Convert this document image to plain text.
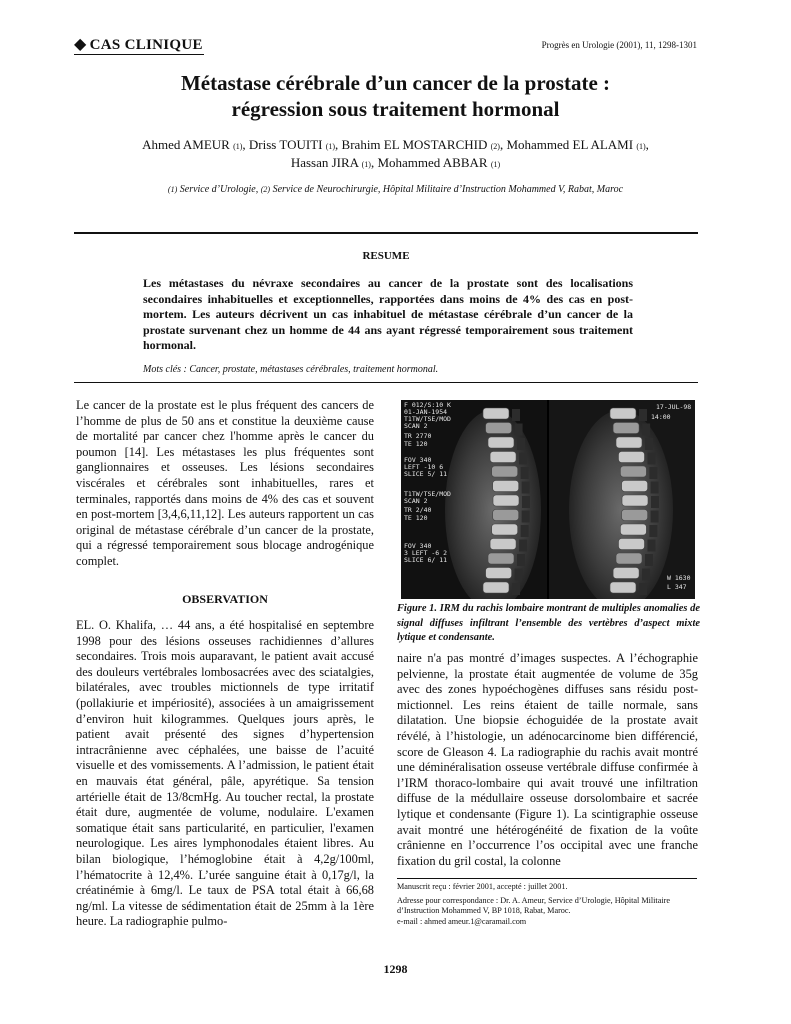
◆ CAS CLINIQUE	Progrès en Urologie (2001), 11, 1298-1301
Métastase cérébrale d’un cancer de la prostate :
régression sous traitement hormonal
Ahmed AMEUR (1), Driss TOUITI (1), Brahim EL MOSTARCHID (2), Mohammed EL ALAMI (1),
Hassan JIRA (1), Mohammed ABBAR (1)
(1) Service d’Urologie, (2) Service de Neurochirurgie, Hôpital Militaire d’Instruction Mohammed V, Rabat, Maroc
RESUME
Les métastases du névraxe secondaires au cancer de la prostate sont des localisations secondaires inhabituelles et exceptionnelles, rapportées dans moins de 4% des cas en post-mortem. Les auteurs décrivent un cas inhabituel de métastase cérébrale d’un cancer de la prostate survenant chez un homme de 44 ans ayant régressé temporairement sous traitement hormonal.
Mots clés : Cancer, prostate, métastases cérébrales, traitement hormonal.
Le cancer de la prostate est le plus fréquent des cancers de l’homme de plus de 50 ans et constitue la deuxième cause de mortalité par cancer chez l'homme après le cancer du poumon [14]. Les métastases les plus fréquentes sont ganglionnaires et osseuses. Les lésions secondaires viscérales et cérébrales sont inhabituelles, rares et terminales, rapportés dans moins de 4% des cas et souvent en post-mortem [3,4,6,11,12]. Les auteurs rapportent un cas original de métastase cérébrale d’un cancer de la prostate, qui a régressé temporairement sous blocage androgénique complet.
OBSERVATION
EL. O. Khalifa, … 44 ans, a été hospitalisé en septembre 1998 pour des lésions osseuses rachidiennes d’allures secondaires. Trois mois auparavant, le patient avait accusé des douleurs vertébrales lombosacrées avec des sciatalgies, bilatérales, avec troubles mictionnels de type irritatif (pollakiurie et impériosité), associées à un amaigrissement d’environ huit kilogrammes. Quelques jours après, le patient avait présenté des signes d’hypertension intracrânienne avec céphalées, une baisse de l’acuité visuelle et des vomissements. A l’admission, le patient était en mauvais état général, pâle, apyrétique. Sa tension artérielle était de 13/8cmHg. Au toucher rectal, la prostate était dure, augmentée de volume, nodulaire. L'examen somatique était sans particularité, en particulier, l'examen neurologique. Les aires lymphonodales étaient libres. Au bilan biologique, l’hémoglobine était à 4,2g/100ml, l’hématocrite à 12,4%. L’urée sanguine était à 0,17g/l, la créatinémie à 6mg/l. Le taux de PSA total était à 66,68 ng/ml. La vitesse de sédimentation était de 25mm à la 1ère heure. La radiographie pulmo-
F 012/S:10 K
01-JAN-1954
T1TW/TSE/MOD
SCAN 2
TR 2770
TE 120
FOV 340
LEFT -10 6
SLICE 5/ 11
T1TW/TSE/MOD
SCAN 2
TR 2/40
TE 120
FOV 340
3 LEFT -6 2
SLICE 6/ 11
17-JUL-98
14:00
W 1630
L 347
Figure 1. IRM du rachis lombaire montrant de multiples anomalies de signal diffuses infiltrant l’ensemble des vertèbres d’aspect mixte lytique et condensante.
naire n'a pas montré d’images suspectes. A l’échographie pelvienne, la prostate était augmentée de volume de 35g avec des zones hypoéchogènes diffuses sans résidu post-mictionnel. Les reins étaient de taille normale, sans dilatation. Une biopsie échoguidée de la prostate avait révélé, à l’histologie, un adénocarcinome bien différencié, score de Gleason 4. La radiographie du rachis avait montré une déminéralisation osseuse vertébrale diffuse confirmée à l’IRM thoraco-lombaire qui avait trouvé une infiltration diffuse de la médullaire osseuse dorsolombaire et sacrée lytique et condensante (Figure 1). La scintigraphie osseuse avait montré une hétérogénéité de fixation de la voûte crânienne en l’occurrence l’os occipital avec une franche fixation du gril costal, la colonne
Manuscrit reçu : février 2001, accepté : juillet 2001.
Adresse pour correspondance : Dr. A. Ameur, Service d’Urologie, Hôpital Militaire d’Instruction Mohammed V, BP 1018, Rabat, Maroc.
e-mail : ahmed ameur.1@caramail.com
1298
